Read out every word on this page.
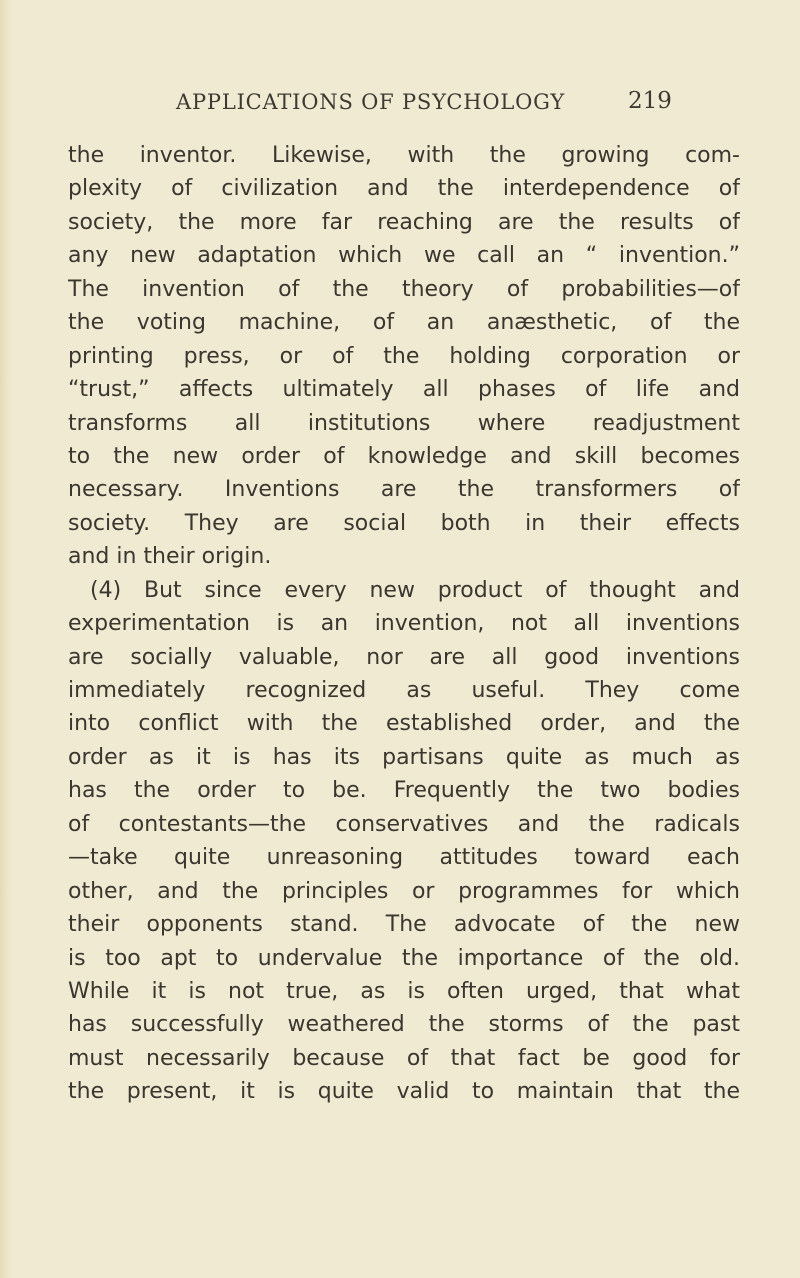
APPLICATIONS OF PSYCHOLOGY	219
the inventor. Likewise, with the growing com-
plexity of civilization and the interdependence of
society, the more far reaching are the results of
any new adaptation which we call an “ invention.”
The invention of the theory of probabilities—of
the voting machine, of an anæsthetic, of the
printing press, or of the holding corporation or
“trust,” affects ultimately all phases of life and
transforms all institutions where readjustment
to the new order of knowledge and skill becomes
necessary. Inventions are the transformers of
society. They are social both in their effects
and in their origin.
(4) But since every new product of thought and
experimentation is an invention, not all inventions
are socially valuable, nor are all good inventions
immediately recognized as useful. They come
into conflict with the established order, and the
order as it is has its partisans quite as much as
has the order to be. Frequently the two bodies
of contestants—the conservatives and the radicals
—take quite unreasoning attitudes toward each
other, and the principles or programmes for which
their opponents stand. The advocate of the new
is too apt to undervalue the importance of the old.
While it is not true, as is often urged, that what
has successfully weathered the storms of the past
must necessarily because of that fact be good for
the present, it is quite valid to maintain that the
